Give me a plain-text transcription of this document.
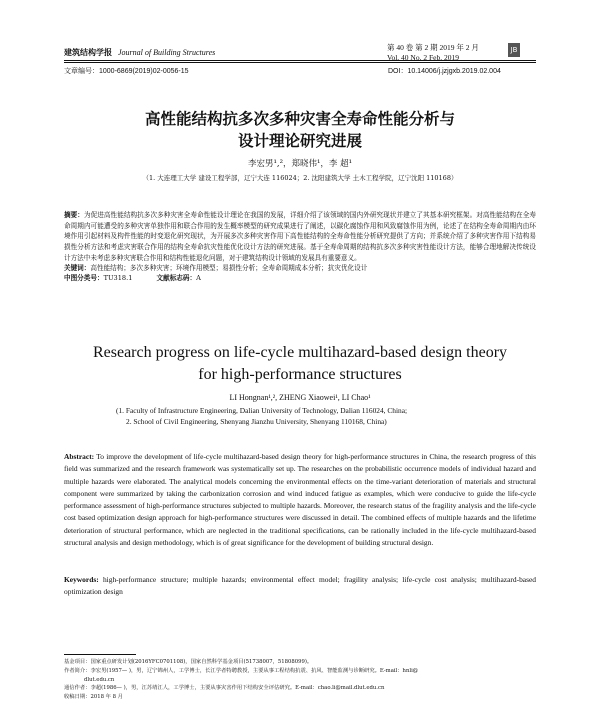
建筑结构学报 Journal of Building Structures
第 40 卷 第 2 期 2019 年 2 月
Vol. 40 No. 2 Feb. 2019
JB
文章编号：1000-6869(2019)02-0056-15	DOI：10.14006/j.jzjgxb.2019.02.004
高性能结构抗多次多种灾害全寿命性能分析与
设计理论研究进展
李宏男¹,²，郑晓伟¹，李 超¹
（1. 大连理工大学 建设工程学部，辽宁大连 116024；2. 沈阳建筑大学 土木工程学院，辽宁沈阳 110168）
摘要：为促进高性能结构抗多次多种灾害全寿命性能设计理论在我国的发展，详细介绍了该领域的国内外研究现状并建立了其基本研究框架。对高性能结构在全寿命周期内可能遭受的多种灾害单独作用和联合作用的发生概率模型的研究成果进行了阐述，以碳化腐蚀作用和风致腐蚀作用为例，论述了在结构全寿命周期内由环境作用引起材料及构件性能的时变退化研究现状，为开展多次多种灾害作用下高性能结构的全寿命性能分析研究提供了方向；并系统介绍了多种灾害作用下结构易损性分析方法和考虑灾害联合作用的结构全寿命抗灾性能优化设计方法的研究进展。基于全寿命周期的结构抗多次多种灾害性能设计方法，能够合理地解决传统设计方法中未考虑多种灾害联合作用和结构性能退化问题，对于建筑结构设计领域的发展具有重要意义。
关键词：高性能结构；多次多种灾害；环境作用模型；易损性分析；全寿命周期成本分析；抗灾优化设计
中图分类号：TU318.1	文献标志码：A
Research progress on life-cycle multihazard-based design theory
for high-performance structures
LI Hongnan¹,², ZHENG Xiaowei¹, LI Chao¹
(1. Faculty of Infrastructure Engineering, Dalian University of Technology, Dalian 116024, China;
2. School of Civil Engineering, Shenyang Jianzhu University, Shenyang 110168, China)
Abstract: To improve the development of life-cycle multihazard-based design theory for high-performance structures in China, the research progress of this field was summarized and the research framework was systematically set up. The researches on the probabilistic occurrence models of individual hazard and multiple hazards were elaborated. The analytical models concerning the environmental effects on the time-variant deterioration of materials and structural component were summarized by taking the carbonization corrosion and wind induced fatigue as examples, which were conducive to guide the life-cycle performance assessment of high-performance structures subjected to multiple hazards. Moreover, the research status of the fragility analysis and the life-cycle cost based optimization design approach for high-performance structures were discussed in detail. The combined effects of multiple hazards and the lifetime deterioration of structural performance, which are neglected in the traditional specifications, can be rationally included in the life-cycle multihazard-based structural analysis and design methodology, which is of great significance for the development of building structural design.
Keywords: high-performance structure; multiple hazards; environmental effect model; fragility analysis; life-cycle cost analysis; multihazard-based optimization design
基金项目：国家重点研发计划(2016YFC0701108)，国家自然科学基金项目(51738007，51808099)。
作者简介：李宏男(1957— )，男，辽宁锦州人，工学博士，长江学者特聘教授，主要从事工程结构抗震、抗风、智能监测与诊断研究。E-mail：hnli@
dlut.edu.cn
通信作者：李超(1986— )，男，江苏靖江人，工学博士，主要从事灾害作用下结构安全评估研究。E-mail：chao.li@mail.dlut.edu.cn
收稿日期：2018 年 8 月
